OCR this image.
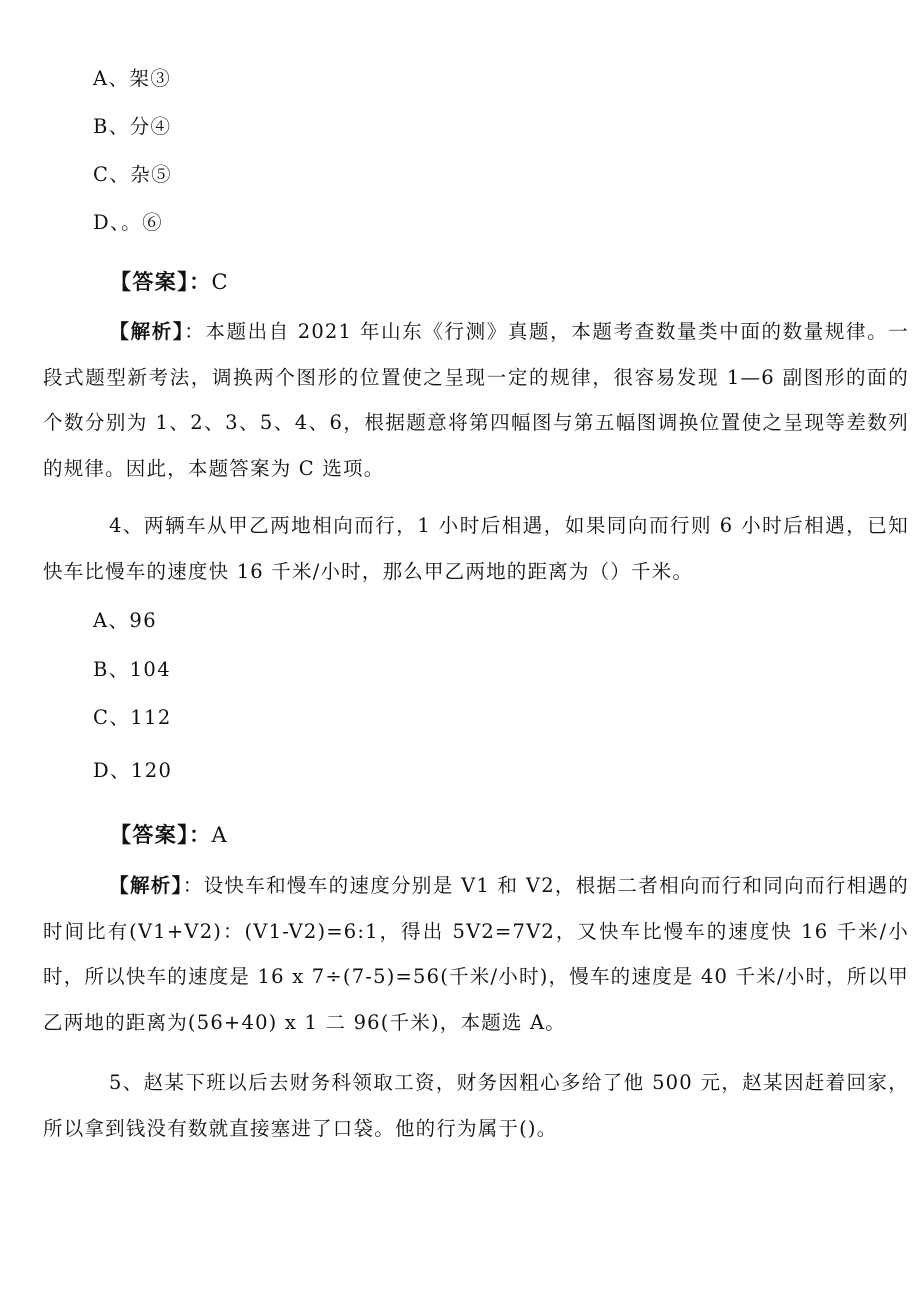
A、架③
B、分④
C、杂⑤
D、。⑥
【答案】：C
【解析】：本题出自 2021 年山东《行测》真题，本题考查数量类中面的数量规律。一段式题型新考法，调换两个图形的位置使之呈现一定的规律，很容易发现 1—6 副图形的面的个数分别为 1、2、3、5、4、6，根据题意将第四幅图与第五幅图调换位置使之呈现等差数列的规律。因此，本题答案为 C 选项。
4、两辆车从甲乙两地相向而行，1 小时后相遇，如果同向而行则 6 小时后相遇，已知快车比慢车的速度快 16 千米/小时，那么甲乙两地的距离为（）千米。
A、96
B、104
C、112
D、120
【答案】：A
【解析】：设快车和慢车的速度分别是 V1 和 V2，根据二者相向而行和同向而行相遇的时间比有(V1+V2)：(V1-V2)=6:1，得出 5V2=7V2，又快车比慢车的速度快 16 千米/小时，所以快车的速度是 16 x 7÷(7-5)=56(千米/小时)，慢车的速度是 40 千米/小时，所以甲乙两地的距离为(56+40) x 1 二 96(千米)，本题选 A。
5、赵某下班以后去财务科领取工资，财务因粗心多给了他 500 元，赵某因赶着回家，所以拿到钱没有数就直接塞进了口袋。他的行为属于()。
